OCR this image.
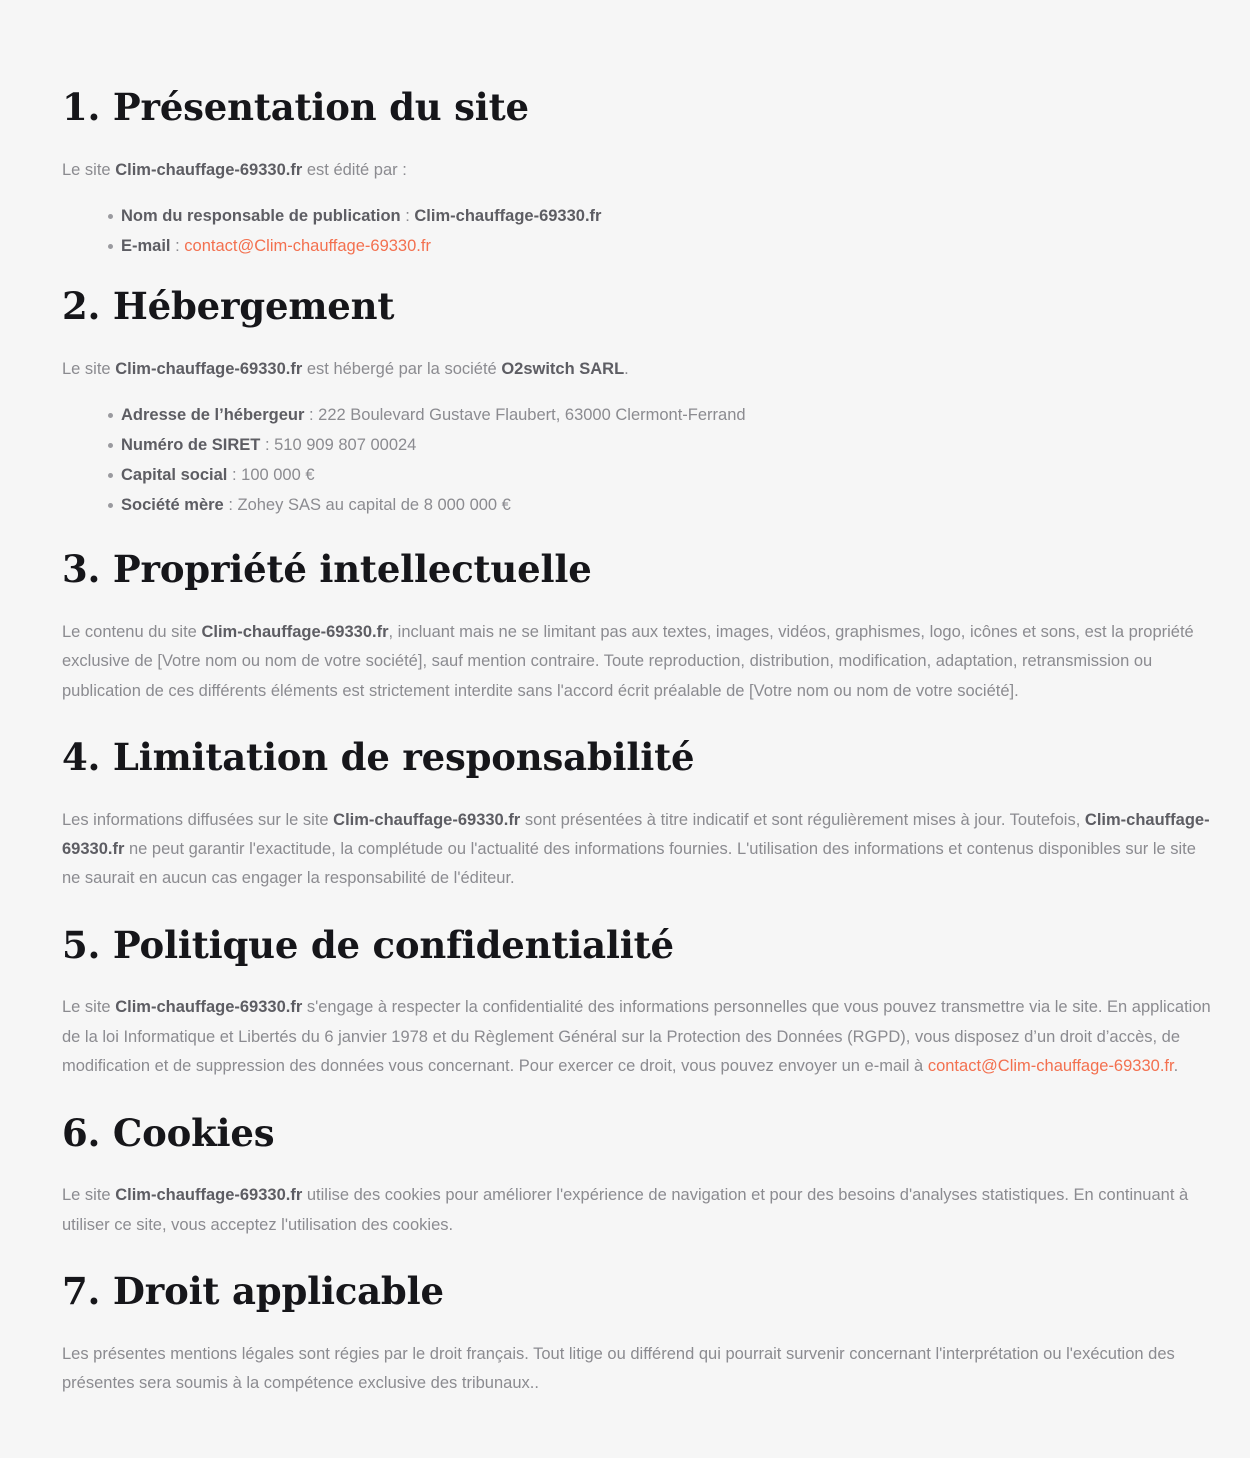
1. Présentation du site

Le site Clim-chauffage-69330.fr est édité par :

Nom du responsable de publication : Clim-chauffage-69330.fr
E-mail : contact@Clim-chauffage-69330.fr
2. Hébergement

Le site Clim-chauffage-69330.fr est hébergé par la société O2switch SARL.

Adresse de l’hébergeur : 222 Boulevard Gustave Flaubert, 63000 Clermont-Ferrand
Numéro de SIRET : 510 909 807 00024
Capital social : 100 000 €
Société mère : Zohey SAS au capital de 8 000 000 €
3. Propriété intellectuelle

Le contenu du site Clim-chauffage-69330.fr, incluant mais ne se limitant pas aux textes, images, vidéos, graphismes, logo, icônes et sons, est la propriété exclusive de [Votre nom ou nom de votre société], sauf mention contraire. Toute reproduction, distribution, modification, adaptation, retransmission ou publication de ces différents éléments est strictement interdite sans l'accord écrit préalable de [Votre nom ou nom de votre société].

4. Limitation de responsabilité

Les informations diffusées sur le site Clim-chauffage-69330.fr sont présentées à titre indicatif et sont régulièrement mises à jour. Toutefois, Clim-chauffage-69330.fr ne peut garantir l'exactitude, la complétude ou l'actualité des informations fournies. L'utilisation des informations et contenus disponibles sur le site ne saurait en aucun cas engager la responsabilité de l'éditeur.

5. Politique de confidentialité

Le site Clim-chauffage-69330.fr s'engage à respecter la confidentialité des informations personnelles que vous pouvez transmettre via le site. En application de la loi Informatique et Libertés du 6 janvier 1978 et du Règlement Général sur la Protection des Données (RGPD), vous disposez d’un droit d’accès, de modification et de suppression des données vous concernant. Pour exercer ce droit, vous pouvez envoyer un e-mail à contact@Clim-chauffage-69330.fr.

6. Cookies

Le site Clim-chauffage-69330.fr utilise des cookies pour améliorer l'expérience de navigation et pour des besoins d'analyses statistiques. En continuant à utiliser ce site, vous acceptez l'utilisation des cookies.

7. Droit applicable

Les présentes mentions légales sont régies par le droit français. Tout litige ou différend qui pourrait survenir concernant l'interprétation ou l'exécution des présentes sera soumis à la compétence exclusive des tribunaux..
